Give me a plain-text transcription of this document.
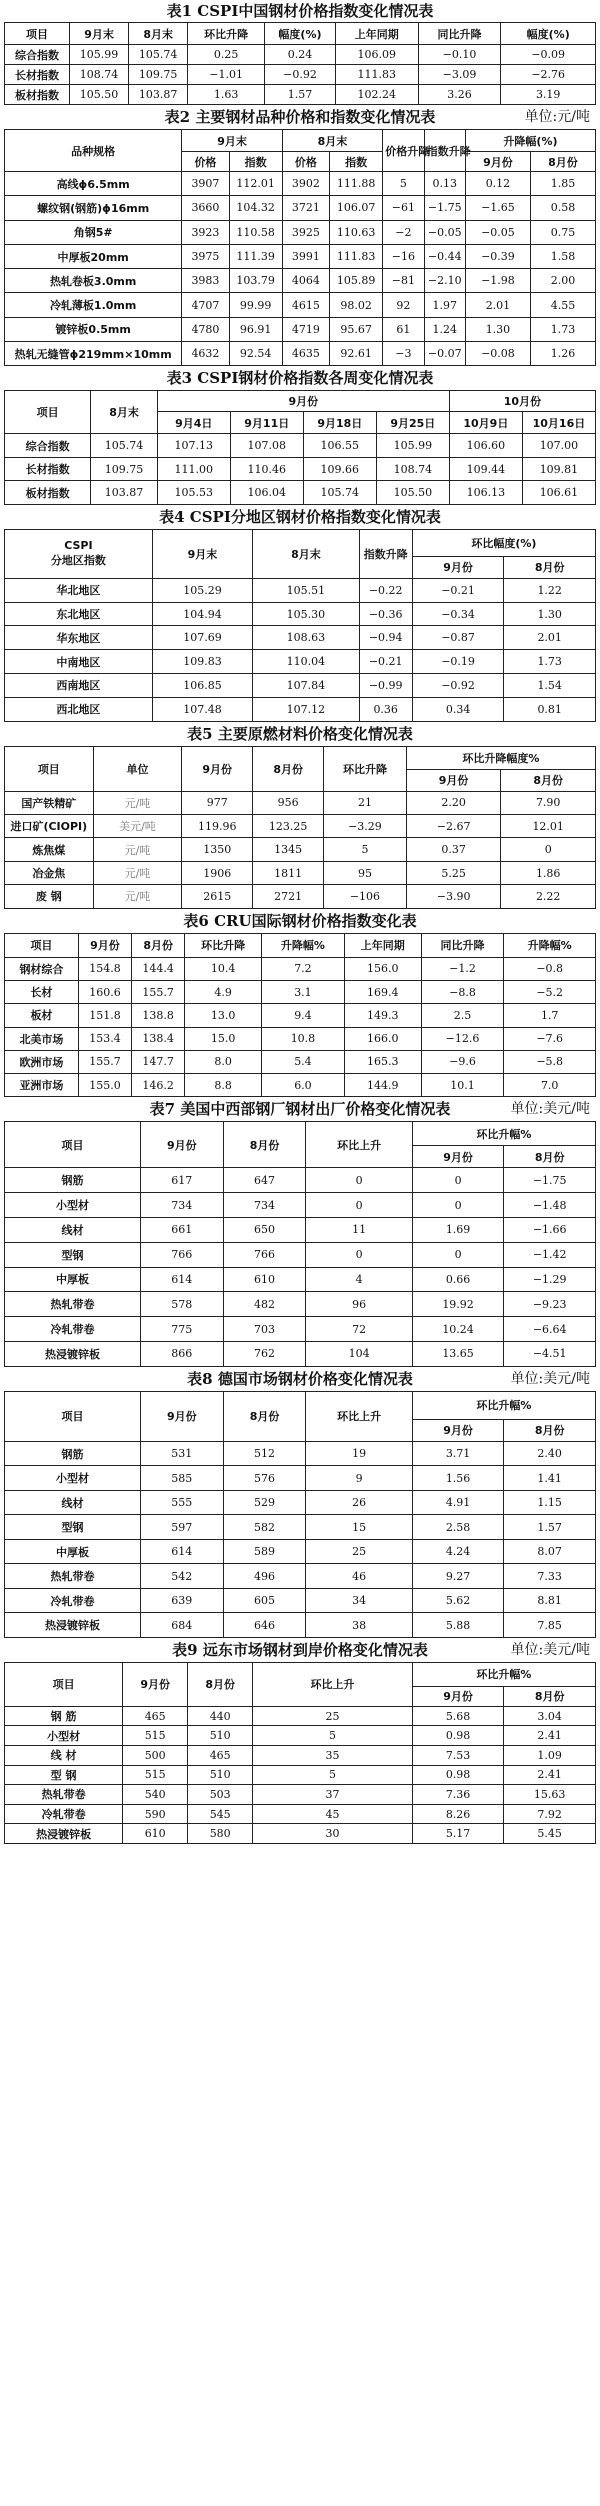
表1 CSPI中国钢材价格指数变化情况表
项目	9月末	8月末	环比升降	幅度(%)	上年同期	同比升降	幅度(%)
综合指数	105.99	105.74	0.25	0.24	106.09	−0.10	−0.09
长材指数	108.74	109.75	−1.01	−0.92	111.83	−3.09	−2.76
板材指数	105.50	103.87	1.63	1.57	102.24	3.26	3.19
表2 主要钢材品种价格和指数变化情况表	单位:元/吨
品种规格	9月末		8月末		价格升降	指数升降	升降幅(%)	
	价格	指数	价格	指数			9月份	8月份
高线ϕ6.5mm	3907	112.01	3902	111.88	5	0.13	0.12	1.85
螺纹钢(钢筋)ϕ16mm	3660	104.32	3721	106.07	−61	−1.75	−1.65	0.58
角钢5#	3923	110.58	3925	110.63	−2	−0.05	−0.05	0.75
中厚板20mm	3975	111.39	3991	111.83	−16	−0.44	−0.39	1.58
热轧卷板3.0mm	3983	103.79	4064	105.89	−81	−2.10	−1.98	2.00
冷轧薄板1.0mm	4707	99.99	4615	98.02	92	1.97	2.01	4.55
镀锌板0.5mm	4780	96.91	4719	95.67	61	1.24	1.30	1.73
热轧无缝管ϕ219mm×10mm	4632	92.54	4635	92.61	−3	−0.07	−0.08	1.26
表3 CSPI钢材价格指数各周变化情况表
项目	8月末	9月份				10月份	
		9月4日	9月11日	9月18日	9月25日	10月9日	10月16日
综合指数	105.74	107.13	107.08	106.55	105.99	106.60	107.00
长材指数	109.75	111.00	110.46	109.66	108.74	109.44	109.81
板材指数	103.87	105.53	106.04	105.74	105.50	106.13	106.61
表4 CSPI分地区钢材价格指数变化情况表
CSPI
分地区指数	9月末	8月末	指数升降	环比幅度(%)	
				9月份	8月份
华北地区	105.29	105.51	−0.22	−0.21	1.22
东北地区	104.94	105.30	−0.36	−0.34	1.30
华东地区	107.69	108.63	−0.94	−0.87	2.01
中南地区	109.83	110.04	−0.21	−0.19	1.73
西南地区	106.85	107.84	−0.99	−0.92	1.54
西北地区	107.48	107.12	0.36	0.34	0.81
表5 主要原燃材料价格变化情况表
项目	单位	9月份	8月份	环比升降	环比升降幅度%	
					9月份	8月份
国产铁精矿	元/吨	977	956	21	2.20	7.90
进口矿(CIOPI)	美元/吨	119.96	123.25	−3.29	−2.67	12.01
炼焦煤	元/吨	1350	1345	5	0.37	0
冶金焦	元/吨	1906	1811	95	5.25	1.86
废 钢	元/吨	2615	2721	−106	−3.90	2.22
表6 CRU国际钢材价格指数变化表
项目	9月份	8月份	环比升降	升降幅%	上年同期	同比升降	升降幅%
钢材综合	154.8	144.4	10.4	7.2	156.0	−1.2	−0.8
长材	160.6	155.7	4.9	3.1	169.4	−8.8	−5.2
板材	151.8	138.8	13.0	9.4	149.3	2.5	1.7
北美市场	153.4	138.4	15.0	10.8	166.0	−12.6	−7.6
欧洲市场	155.7	147.7	8.0	5.4	165.3	−9.6	−5.8
亚洲市场	155.0	146.2	8.8	6.0	144.9	10.1	7.0
表7 美国中西部钢厂钢材出厂价格变化情况表	单位:美元/吨
项目	9月份	8月份	环比上升	环比升幅%	
				9月份	8月份
钢筋	617	647	0	0	−1.75
小型材	734	734	0	0	−1.48
线材	661	650	11	1.69	−1.66
型钢	766	766	0	0	−1.42
中厚板	614	610	4	0.66	−1.29
热轧带卷	578	482	96	19.92	−9.23
冷轧带卷	775	703	72	10.24	−6.64
热浸镀锌板	866	762	104	13.65	−4.51
表8 德国市场钢材价格变化情况表	单位:美元/吨
项目	9月份	8月份	环比上升	环比升幅%	
				9月份	8月份
钢筋	531	512	19	3.71	2.40
小型材	585	576	9	1.56	1.41
线材	555	529	26	4.91	1.15
型钢	597	582	15	2.58	1.57
中厚板	614	589	25	4.24	8.07
热轧带卷	542	496	46	9.27	7.33
冷轧带卷	639	605	34	5.62	8.81
热浸镀锌板	684	646	38	5.88	7.85
表9 远东市场钢材到岸价格变化情况表	单位:美元/吨
项目	9月份	8月份	环比上升	环比升幅%	
				9月份	8月份
钢 筋	465	440	25	5.68	3.04
小型材	515	510	5	0.98	2.41
线 材	500	465	35	7.53	1.09
型 钢	515	510	5	0.98	2.41
热轧带卷	540	503	37	7.36	15.63
冷轧带卷	590	545	45	8.26	7.92
热浸镀锌板	610	580	30	5.17	5.45
